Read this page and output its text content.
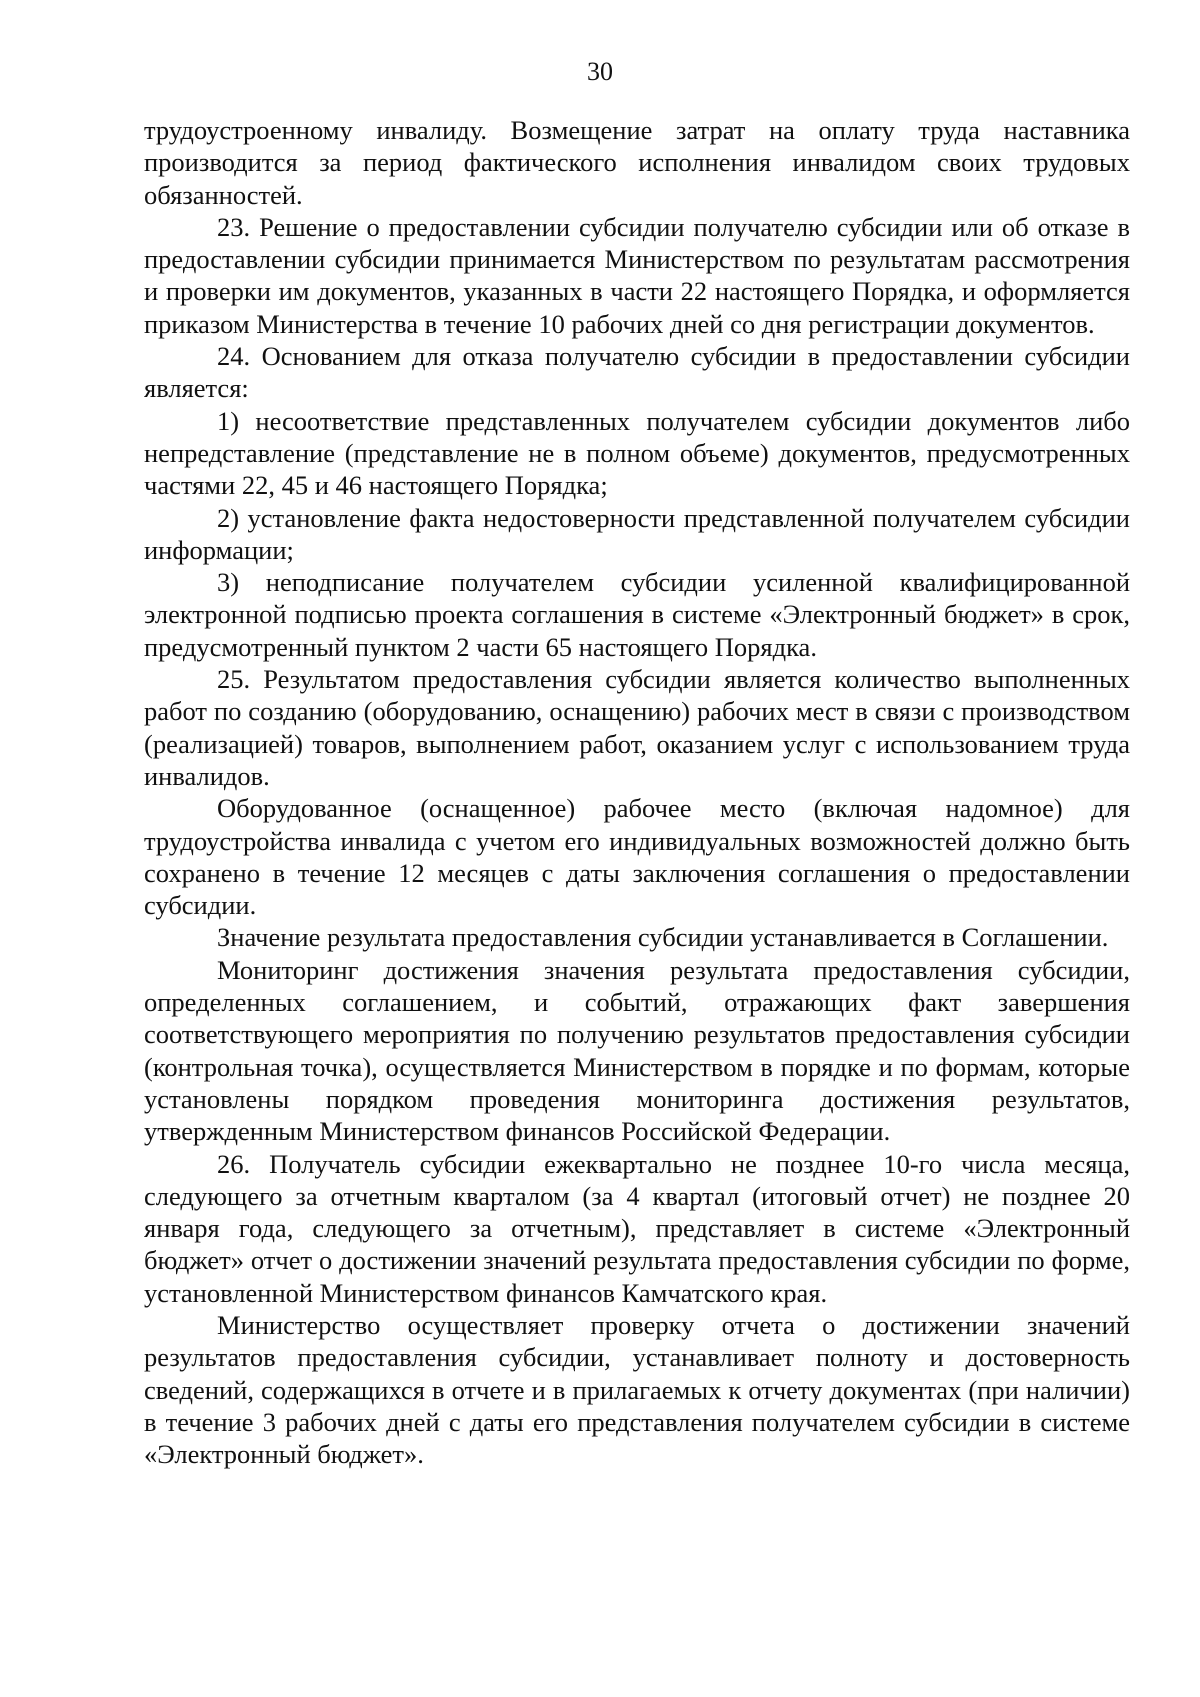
30

трудоустроенному инвалиду. Возмещение затрат на оплату труда наставника производится за период фактического исполнения инвалидом своих трудовых обязанностей.

23. Решение о предоставлении субсидии получателю субсидии или об отказе в предоставлении субсидии принимается Министерством по результатам рассмотрения и проверки им документов, указанных в части 22 настоящего Порядка, и оформляется приказом Министерства в течение 10 рабочих дней со дня регистрации документов.

24. Основанием для отказа получателю субсидии в предоставлении субсидии является:

1) несоответствие представленных получателем субсидии документов либо непредставление (представление не в полном объеме) документов, предусмотренных частями 22, 45 и 46 настоящего Порядка;

2) установление факта недостоверности представленной получателем субсидии информации;

3) неподписание получателем субсидии усиленной квалифицированной электронной подписью проекта соглашения в системе «Электронный бюджет» в срок, предусмотренный пунктом 2 части 65 настоящего Порядка.

25. Результатом предоставления субсидии является количество выполненных работ по созданию (оборудованию, оснащению) рабочих мест в связи с производством (реализацией) товаров, выполнением работ, оказанием услуг с использованием труда инвалидов.

Оборудованное (оснащенное) рабочее место (включая надомное) для трудоустройства инвалида с учетом его индивидуальных возможностей должно быть сохранено в течение 12 месяцев с даты заключения соглашения о предоставлении субсидии.

Значение результата предоставления субсидии устанавливается в Соглашении.

Мониторинг достижения значения результата предоставления субсидии, определенных соглашением, и событий, отражающих факт завершения соответствующего мероприятия по получению результатов предоставления субсидии (контрольная точка), осуществляется Министерством в порядке и по формам, которые установлены порядком проведения мониторинга достижения результатов, утвержденным Министерством финансов Российской Федерации.

26. Получатель субсидии ежеквартально не позднее 10-го числа месяца, следующего за отчетным кварталом (за 4 квартал (итоговый отчет) не позднее 20 января года, следующего за отчетным), представляет в системе «Электронный бюджет» отчет о достижении значений результата предоставления субсидии по форме, установленной Министерством финансов Камчатского края.

Министерство осуществляет проверку отчета о достижении значений результатов предоставления субсидии, устанавливает полноту и достоверность сведений, содержащихся в отчете и в прилагаемых к отчету документах (при наличии) в течение 3 рабочих дней с даты его представления получателем субсидии в системе «Электронный бюджет».
